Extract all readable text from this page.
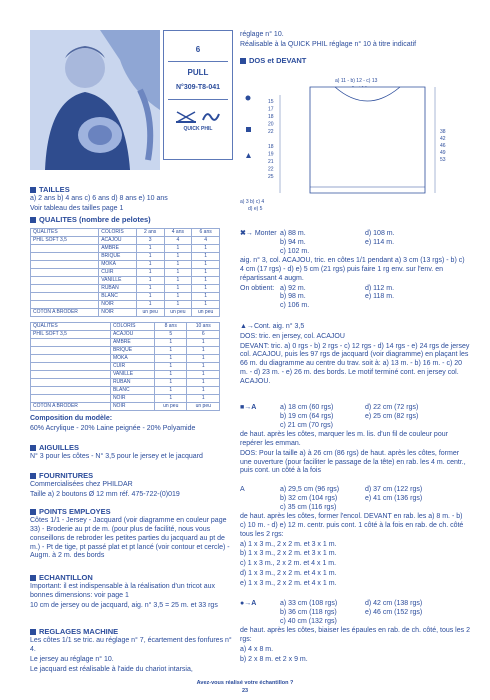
6
PULL
N°309-T8-041
QUICK PHIL
TAILLES

a) 2 ans b) 4 ans c) 6 ans d) 8 ans e) 10 ans

Voir tableau des tailles page 1

QUALITES (nombre de pelotes)
QUALITES	COLORIS	2 ans	4 ans	6 ans
PHIL SOFT 3,5	ACAJOU	3	4	4
	AMBRE	1	1	1
	BRIQUE	1	1	1
	MOKA	1	1	1
	CUIR	1	1	1
	VANILLE	1	1	1
	RUBAN	1	1	1
	BLANC	1	1	1
	NOIR	1	1	1
COTON A BRODER	NOIR	un peu	un peu	un peu
QUALITES	COLORIS	8 ans	10 ans
PHIL SOFT 3,5	ACAJOU	5	6
	AMBRE	1	1
	BRIQUE	1	1
	MOKA	1	1
	CUIR	1	1
	VANILLE	1	1
	RUBAN	1	1
	BLANC	1	1
	NOIR	1	1
COTON A BRODER	NOIR	un peu	un peu

Composition du modèle:

60% Acrylique - 20% Laine peignée - 20% Polyamide

AIGUILLES

N° 3 pour les côtes - N° 3,5 pour le jersey et le jacquard

FOURNITURES

Commercialisées chez PHILDAR

Taille a) 2 boutons Ø 12 mm réf. 475-722-(0)019

POINTS EMPLOYES

Côtes 1/1 - Jersey - Jacquard (voir diagramme en couleur page 33) - Broderie au pt de m. (pour plus de facilité, nous vous conseillons de rebroder les petites parties du jacquard au pt de m.) - Pt de tige, pt passé plat et pt lancé (voir contour et cercle) - Augm. à 2 m. des bords

ECHANTILLON

Important: il est indispensable à la réalisation d'un tricot aux bonnes dimensions: voir page 1

10 cm de jersey ou de jacquard, aig. n° 3,5 = 25 m. et 33 rgs

REGLAGES MACHINE

Les côtes 1/1 se tric. au réglage n° 7, écartement des fonfures n° 4.

Le jersey au réglage n° 10.

Le jacquard est réalisable à l'aide du chariot intarsia,

réglage n° 10.

Réalisable à la QUICK PHIL réglage n° 10 à titre indicatif

DOS et DEVANT
a) 11 - b) 12 - c) 13
a) 3 b) c) 4
d) e) 5
15
17
18
20
22
18
19
21
22
25
38
42
46
49
53
✖→ Monter a) 88 m.	d) 108 m.
b) 94 m.	e) 114 m.
c) 102 m.

aig. n° 3, col. ACAJOU, tric. en côtes 1/1 pendant a) 3 cm (13 rgs) - b) c) 4 cm (17 rgs) - d) e) 5 cm (21 rgs) puis faire 1 rg env. sur l'env. en répartissant 4 augm.

On obtient: a) 92 m.	d) 112 m.
b) 98 m.	e) 118 m.
c) 106 m.

▲→Cont. aig. n° 3,5

DOS: tric. en jersey, col. ACAJOU

DEVANT: tric. a) 0 rgs - b) 2 rgs - c) 12 rgs - d) 14 rgs - e) 24 rgs de jersey col. ACAJOU, puis les 97 rgs de jacquard (voir diagramme) en plaçant les 66 m. du diagramme au centre du trav. soit à: a) 13 m. - b) 16 m. - c) 20 m. - d) 23 m. - e) 26 m. des bords. Le motif terminé cont. en jersey col. ACAJOU.

■→A	a) 18 cm (60 rgs)	d) 22 cm (72 rgs)
b) 19 cm (64 rgs)	e) 25 cm (82 rgs)
c) 21 cm (70 rgs)

de haut. après les côtes, marquer les m. lis. d'un fil de couleur pour repérer les emman.

DOS: Pour la taille a) à 26 cm (86 rgs) de haut. après les côtes, former une ouverture (pour faciliter le passage de la tête) en rab. les 4 m. centr., puis cont. un côté à la fois

A	a) 29,5 cm (96 rgs)	d) 37 cm (122 rgs)
b) 32 cm (104 rgs)	e) 41 cm (136 rgs)
c) 35 cm (116 rgs)

de haut. après les côtes, former l'encol. DEVANT en rab. les a) 8 m. - b) c) 10 m. - d) e) 12 m. centr. puis cont. 1 côté à la fois en rab. de ch. côté tous les 2 rgs:

a) 1 x 3 m., 2 x 2 m. et 3 x 1 m.

b) 1 x 3 m., 2 x 2 m. et 3 x 1 m.

c) 1 x 3 m., 2 x 2 m. et 4 x 1 m.

d) 1 x 3 m., 2 x 2 m. et 4 x 1 m.

e) 1 x 3 m., 2 x 2 m. et 4 x 1 m.

●→A	a) 33 cm (108 rgs)	d) 42 cm (138 rgs)
b) 36 cm (118 rgs)	e) 46 cm (152 rgs)
c) 40 cm (132 rgs)

de haut. après les côtes, biaiser les épaules en rab. de ch. côté, tous les 2 rgs:

a) 4 x 8 m.

b) 2 x 8 m. et 2 x 9 m.

Avez-vous réalisé votre échantillon ?
23
